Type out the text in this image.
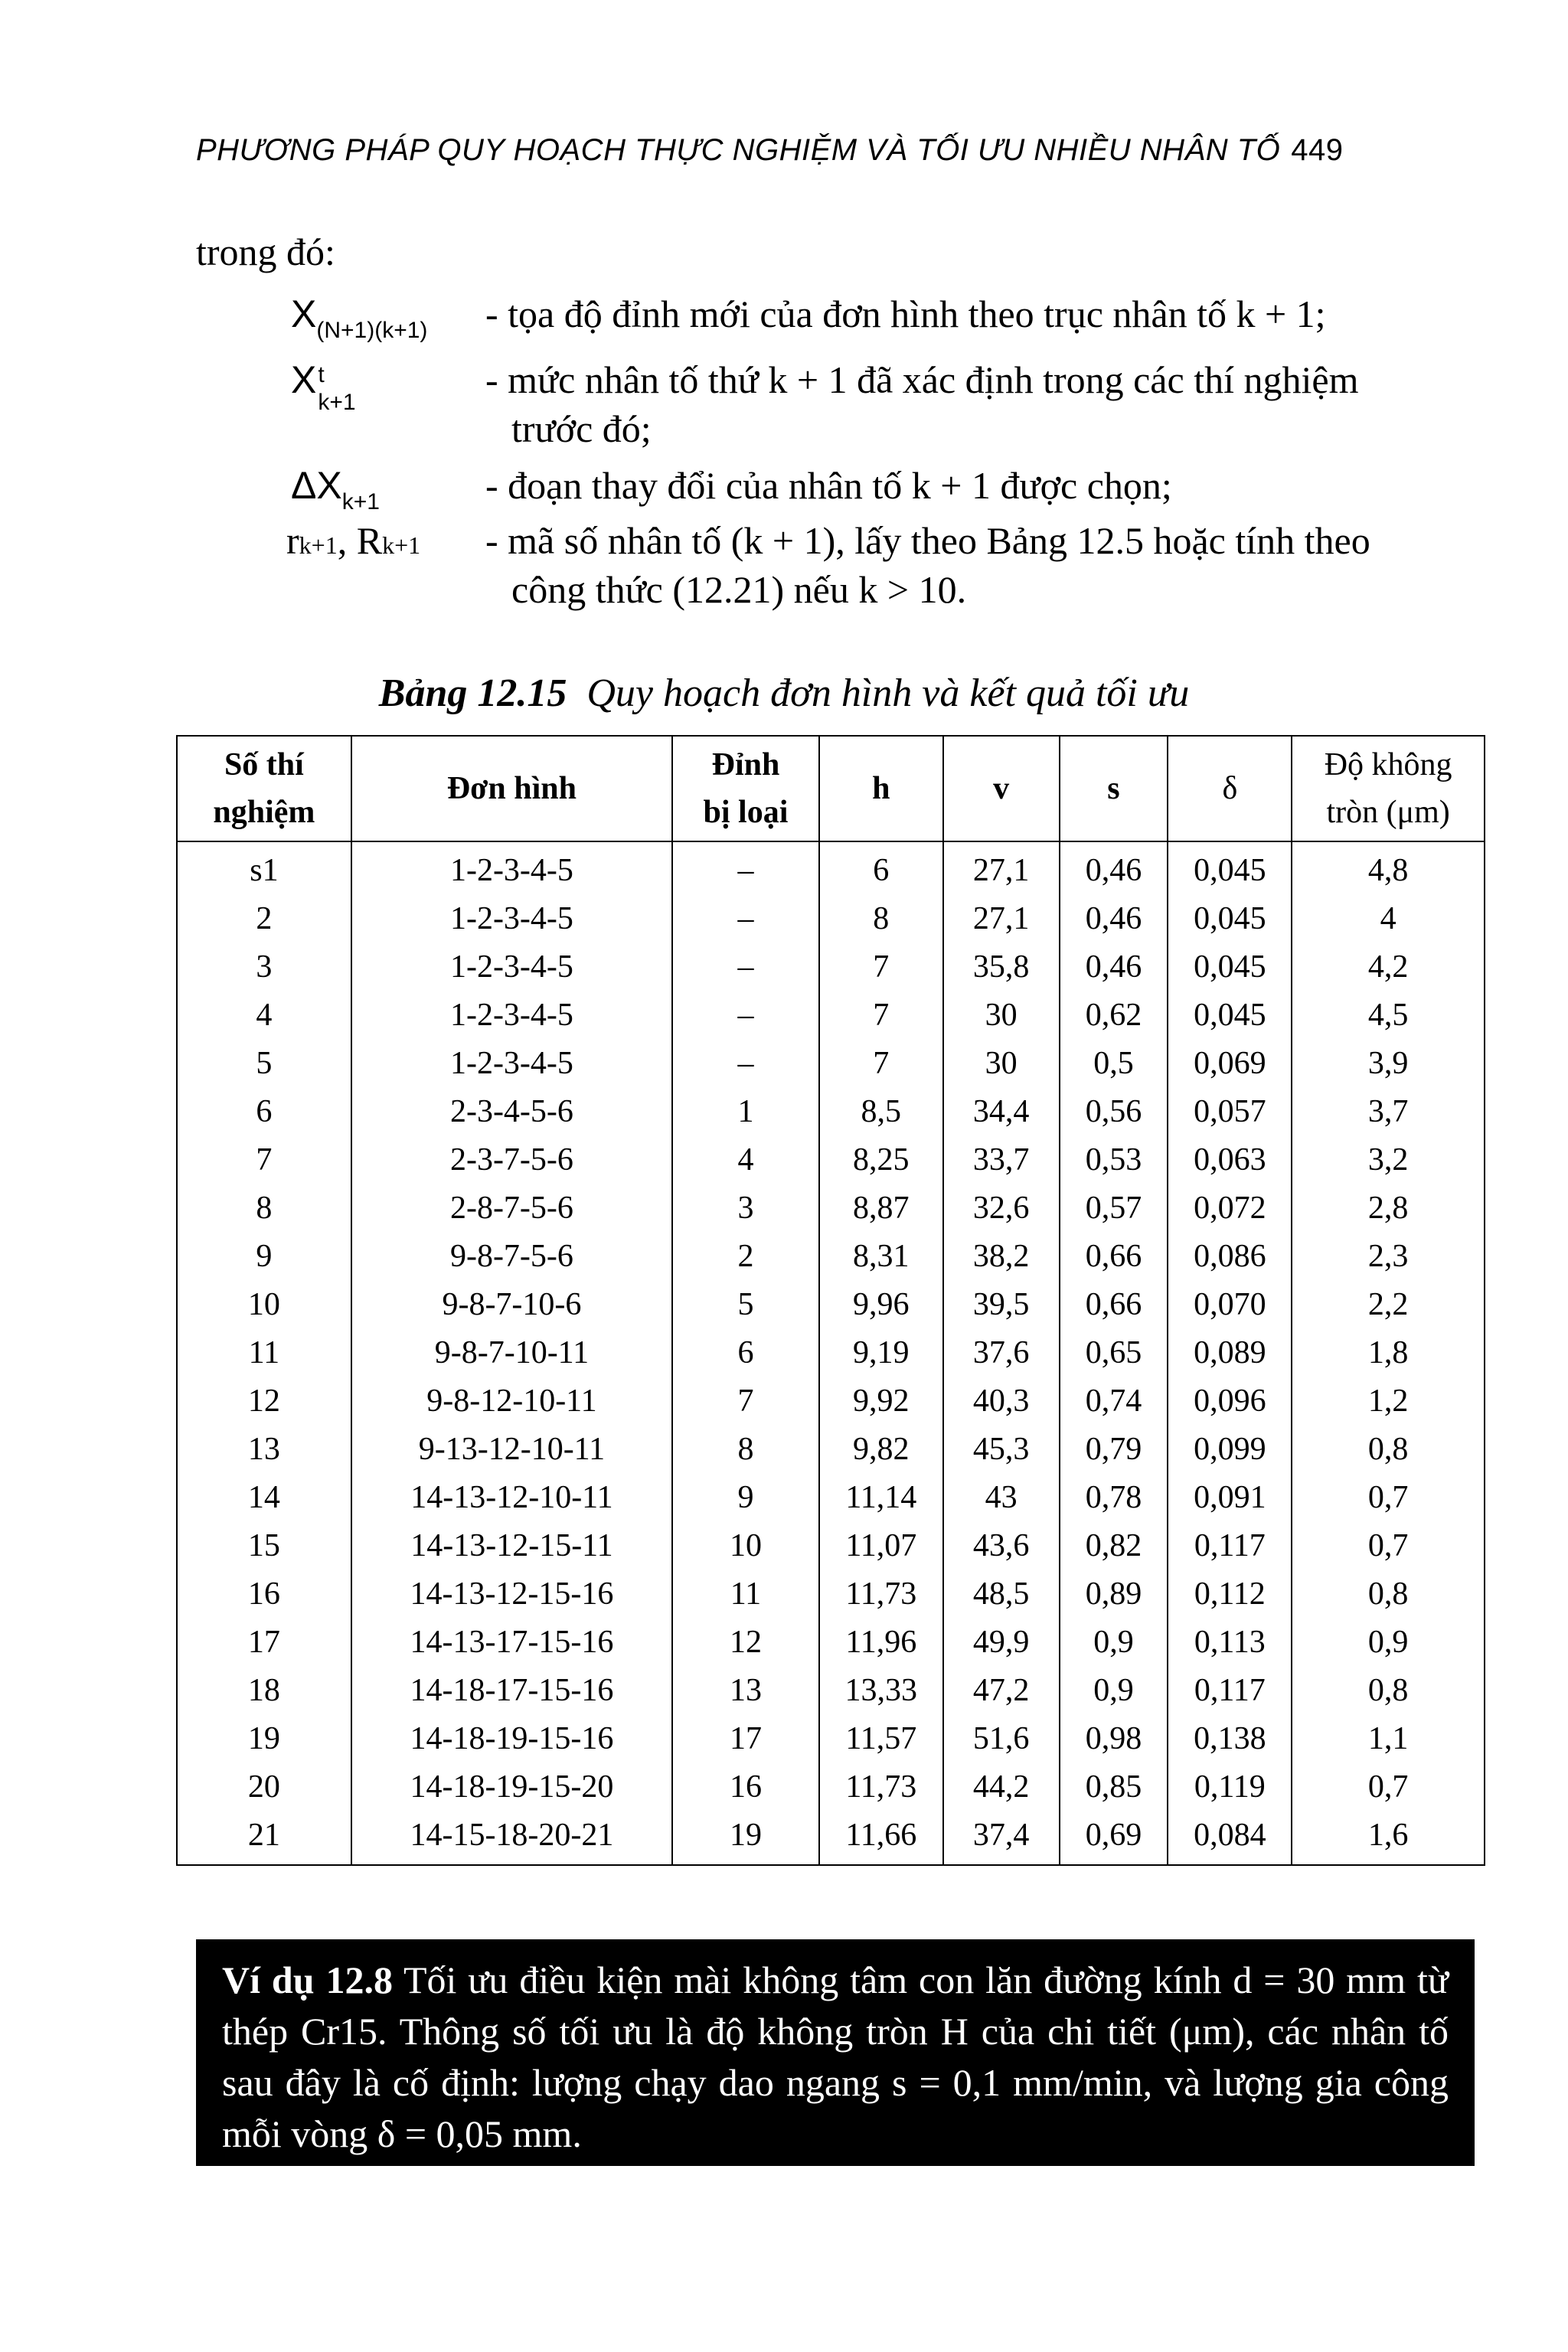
PHƯƠNG PHÁP QUY HOẠCH THỰC NGHIỆM VÀ TỐI ƯU NHIỀU NHÂN TỐ 449
trong đó:
$X_{(N+1)(k+1)}$	- tọa độ đỉnh mới của đơn hình theo trục nhân tố k + 1;
X t
k+1
- mức nhân tố thứ k + 1 đã xác định trong các thí nghiệm
trước đó;
$\Delta X_{k+1}$	- đoạn thay đổi của nhân tố k + 1 được chọn;
rk+1, Rk+1	- mã số nhân tố (k + 1), lấy theo Bảng 12.5 hoặc tính theo
công thức (12.21) nếu k > 10.
Bảng 12.15 Quy hoạch đơn hình và kết quả tối ưu
Số thí
nghiệm	Đơn hình	Đỉnh
bị loại	h	v	s	δ	Độ không
tròn (μm)
s1	1-2-3-4-5	–	6	27,1	0,46	0,045	4,8
2	1-2-3-4-5	–	8	27,1	0,46	0,045	4
3	1-2-3-4-5	–	7	35,8	0,46	0,045	4,2
4	1-2-3-4-5	–	7	30	0,62	0,045	4,5
5	1-2-3-4-5	–	7	30	0,5	0,069	3,9
6	2-3-4-5-6	1	8,5	34,4	0,56	0,057	3,7
7	2-3-7-5-6	4	8,25	33,7	0,53	0,063	3,2
8	2-8-7-5-6	3	8,87	32,6	0,57	0,072	2,8
9	9-8-7-5-6	2	8,31	38,2	0,66	0,086	2,3
10	9-8-7-10-6	5	9,96	39,5	0,66	0,070	2,2
11	9-8-7-10-11	6	9,19	37,6	0,65	0,089	1,8
12	9-8-12-10-11	7	9,92	40,3	0,74	0,096	1,2
13	9-13-12-10-11	8	9,82	45,3	0,79	0,099	0,8
14	14-13-12-10-11	9	11,14	43	0,78	0,091	0,7
15	14-13-12-15-11	10	11,07	43,6	0,82	0,117	0,7
16	14-13-12-15-16	11	11,73	48,5	0,89	0,112	0,8
17	14-13-17-15-16	12	11,96	49,9	0,9	0,113	0,9
18	14-18-17-15-16	13	13,33	47,2	0,9	0,117	0,8
19	14-18-19-15-16	17	11,57	51,6	0,98	0,138	1,1
20	14-18-19-15-20	16	11,73	44,2	0,85	0,119	0,7
21	14-15-18-20-21	19	11,66	37,4	0,69	0,084	1,6
Ví dụ 12.8 Tối ưu điều kiện mài không tâm con lăn đường kính d = 30 mm từ thép Cr15. Thông số tối ưu là độ không tròn H của chi tiết (μm), các nhân tố sau đây là cố định: lượng chạy dao ngang s = 0,1 mm/min, và lượng gia công mỗi vòng δ = 0,05 mm.
